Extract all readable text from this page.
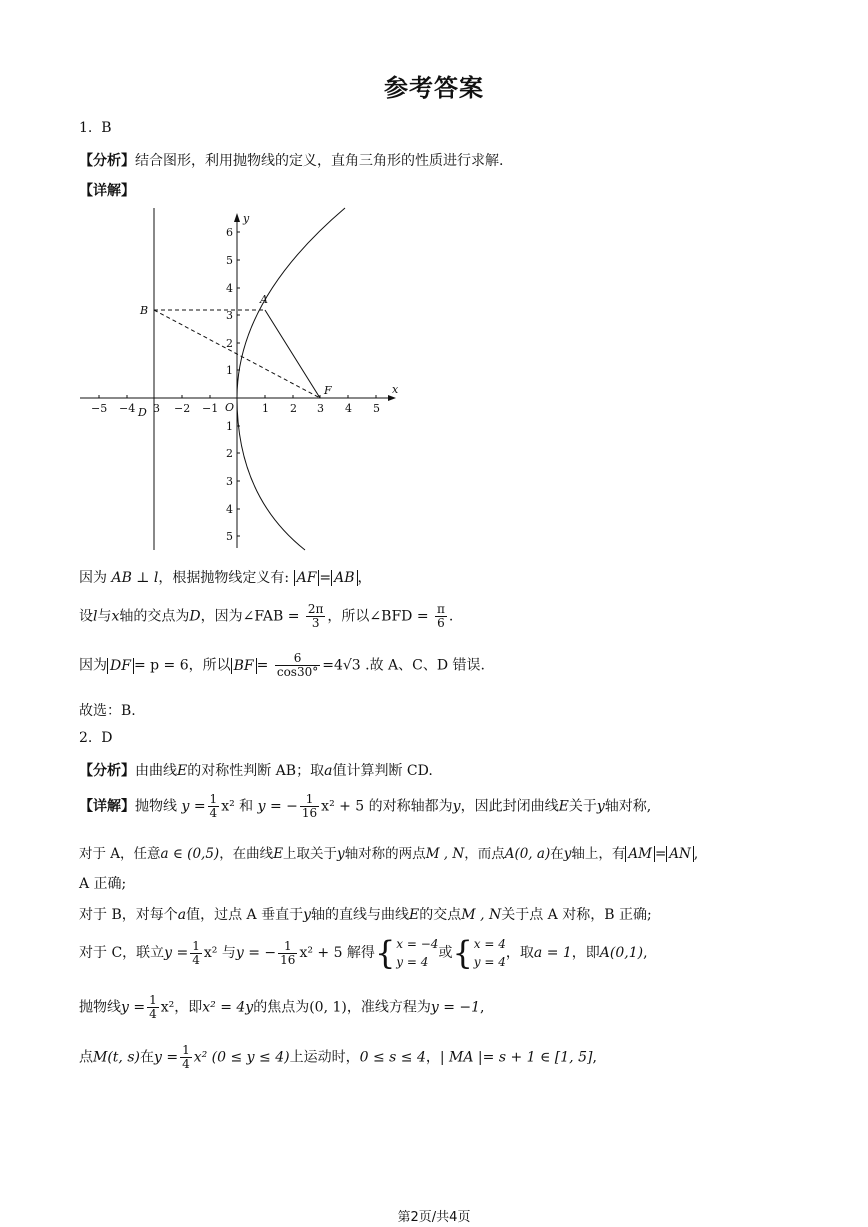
参考答案
1. B
【分析】结合图形，利用抛物线的定义，直角三角形的性质进行求解.
【详解】
−5 −4	−2 −1	1 2 3 4 5
3
1
2
3
4
5
6
1
2
3
4
5
A
B
D
F
O
x
y
因为 AB ⊥ l，根据抛物线定义有: AF = AB ，
设l与x轴的交点为D，因为∠FAB = $\frac{2\pi}{3}$ ，所以∠BFD = $\frac{\pi}{6}$ .
因为 DF = p = 6，所以 BF = $\frac{6}{\cos 30^\circ} =4√3$ .故 A、C、D 错误.
故选：B.
2. D
【分析】由曲线E的对称性判断 AB；取a值计算判断 CD.
【详解】抛物线 $y = \frac{1}{4} x^2$ 和 y = − $\frac{1}{16} x^2 + 5$ 的对称轴都为y，因此封闭曲线E关于y轴对称,
对于 A，任意a ∈ (0,5)，在曲线E上取关于y轴对称的两点M , N，而点A(0, a)在y轴上，有 AM = AN ,
A 正确;
对于 B，对每个a值，过点 A 垂直于y轴的直线与曲线E的交点M , N关于点 A 对称，B 正确;
对于 C，联立$y = \frac{1}{4} x^2$ 与y = − $\frac{1}{16} x^2 + 5$ 解得{ x = −4
y = 4
或{ x = 4
y = 4
，取a = 1，即A(0,1),
抛物线$y = \frac{1}{4} x^2$，即x² = 4y的焦点为(0, 1)，准线方程为y = −1,
点M(t, s)在$y = \frac{1}{4} x^2$ (0 ≤ y ≤ 4)上运动时，0 ≤ s ≤ 4，| MA |= s + 1 ∈ [1, 5],
第2页/共4页
